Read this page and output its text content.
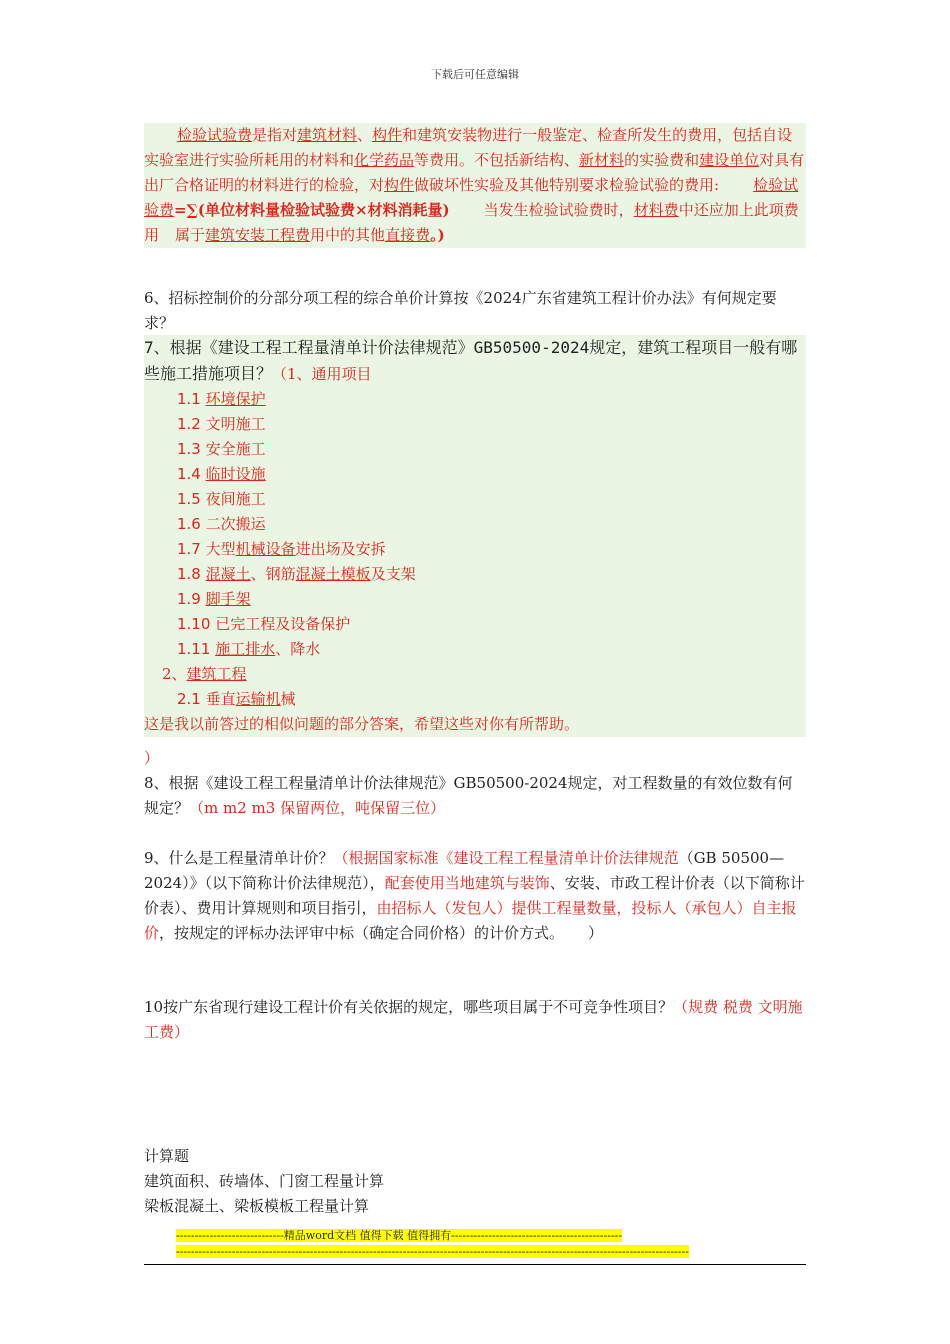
下载后可任意编辑

检验试验费是指对建筑材料、构件和建筑安装物进行一般鉴定、检查所发生的费用，包括自设实验室进行实验所耗用的材料和化学药品等费用。不包括新结构、新材料的实验费和建设单位对具有出厂合格证明的材料进行的检验，对构件做破坏性实验及其他特别要求检验试验的费用: 检验试验费=∑(单位材料量检验试验费×材料消耗量) 当发生检验试验费时，材料费中还应加上此项费用 属于建筑安装工程费用中的其他直接费。)

6、招标控制价的分部分项工程的综合单价计算按《2024广东省建筑工程计价办法》有何规定要求？

7、根据《建设工程工程量清单计价法律规范》GB50500-2024规定，建筑工程项目一般有哪些施工措施项目？（1、通用项目

1.1 环境保护
1.2 文明施工
1.3 安全施工
1.4 临时设施
1.5 夜间施工
1.6 二次搬运
1.7 大型机械设备进出场及安拆
1.8 混凝土、钢筋混凝土模板及支架
1.9 脚手架
1.10 已完工程及设备保护
1.11 施工排水、降水
2、建筑工程
2.1 垂直运输机械
这是我以前答过的相似问题的部分答案，希望这些对你有所帮助。
）

8、根据《建设工程工程量清单计价法律规范》GB50500-2024规定，对工程数量的有效位数有何规定？（m m2 m3 保留两位，吨保留三位）

9、什么是工程量清单计价？（根据国家标准《建设工程工程量清单计价法律规范（GB 50500—2024）》（以下简称计价法律规范），配套使用当地建筑与装饰、安装、市政工程计价表（以下简称计价表）、费用计算规则和项目指引，由招标人（发包人）提供工程量数量，投标人（承包人）自主报价，按规定的评标办法评审中标（确定合同价格）的计价方式。 ）

10按广东省现行建设工程计价有关依据的规定，哪些项目属于不可竞争性项目？（规费 税费 文明施工费）

计算题
建筑面积、砖墙体、门窗工程量计算
梁板混凝土、梁板模板工程量计算
-----------------------------精品word文档 值得下载 值得拥有----------------------------------------------
------------------------------------------------------------------------------------------------------------------------------------------
